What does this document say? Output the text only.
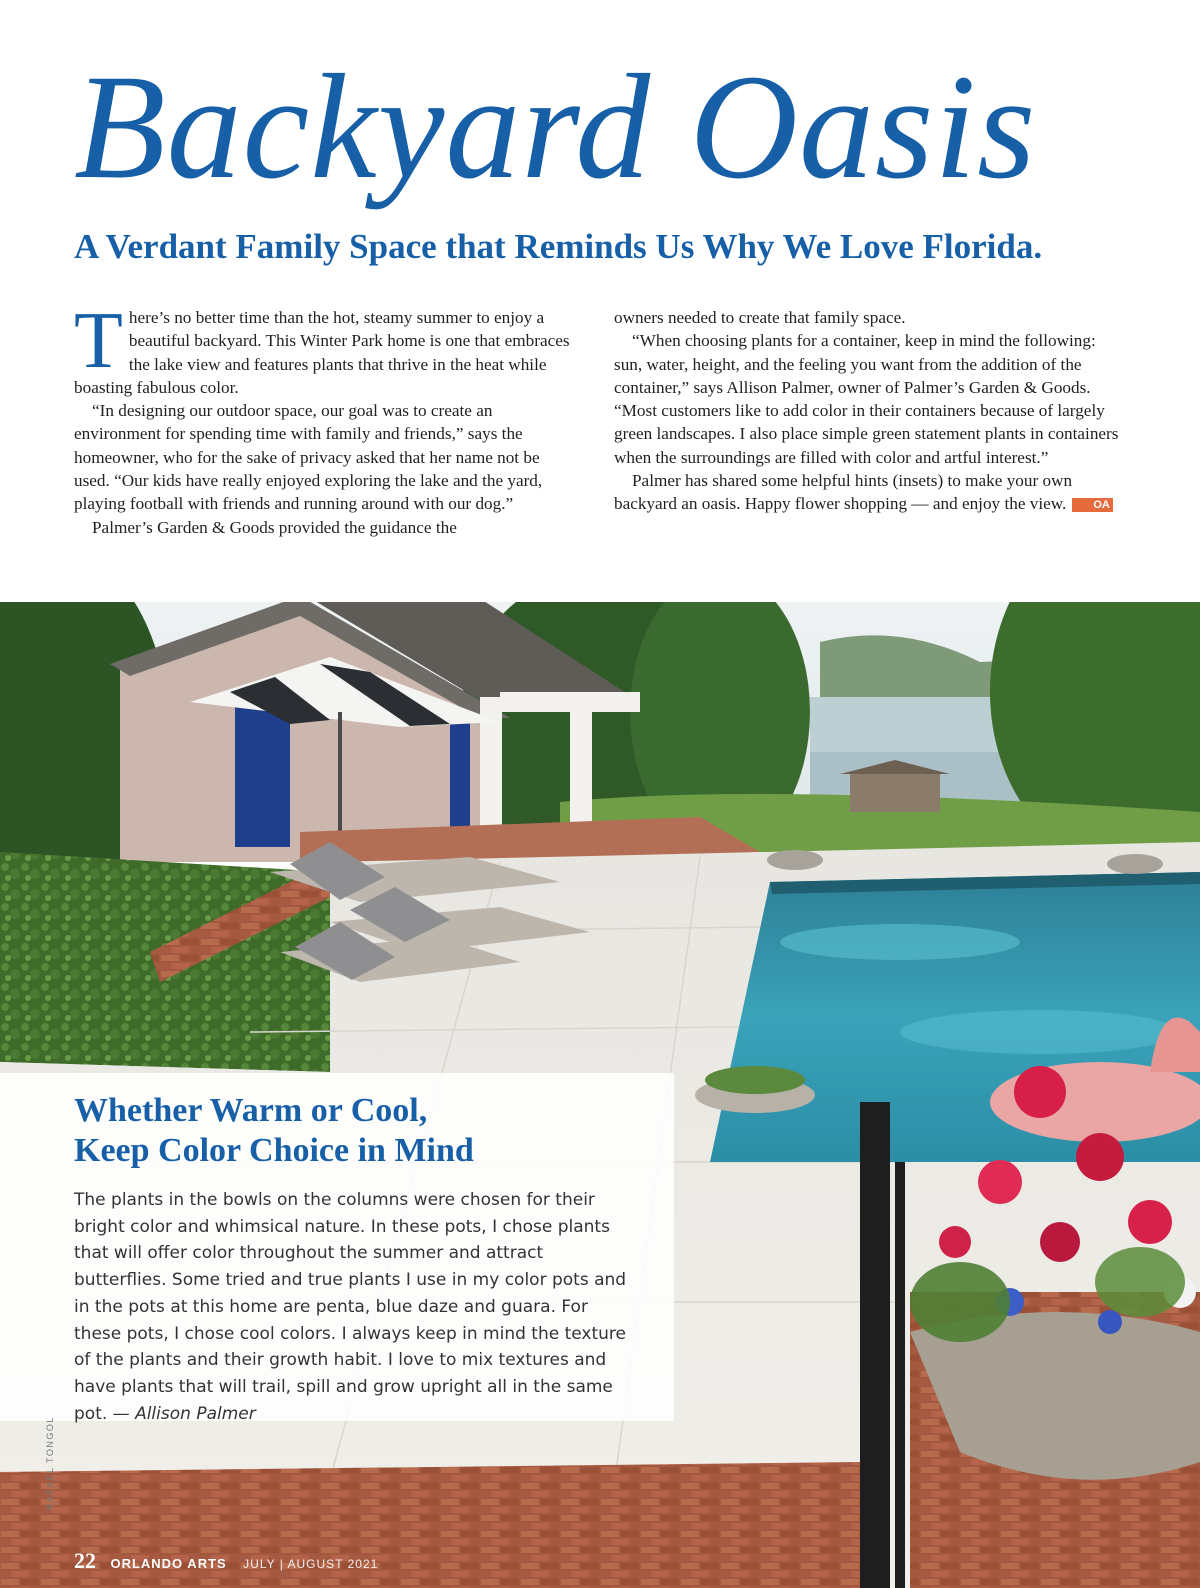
Backyard Oasis
A Verdant Family Space that Reminds Us Why We Love Florida.

There’s no better time than the hot, steamy summer to enjoy a beautiful backyard. This Winter Park home is one that embraces the lake view and features plants that thrive in the heat while boasting fabulous color.

“In designing our outdoor space, our goal was to create an environment for spending time with family and friends,” says the homeowner, who for the sake of privacy asked that her name not be used. “Our kids have really enjoyed exploring the lake and the yard, playing football with friends and running around with our dog.”

Palmer’s Garden & Goods provided the guidance the

owners needed to create that family space.

“When choosing plants for a container, keep in mind the following: sun, water, height, and the feeling you want from the addition of the container,” says Allison Palmer, owner of Palmer’s Garden & Goods. “Most customers like to add color in their containers because of largely green landscapes. I also place simple green statement plants in containers when the surroundings are filled with color and artful interest.”

Palmer has shared some helpful hints (insets) to make your own backyard an oasis. Happy flower shopping — and enjoy the view. OA

Whether Warm or Cool,
Keep Color Choice in Mind
The plants in the bowls on the columns were chosen for their bright color and whimsical nature. In these pots, I chose plants that will offer color throughout the summer and attract butterflies. Some tried and true plants I use in my color pots and in the pots at this home are penta, blue daze and guara. For these pots, I chose cool colors. I always keep in mind the texture of the plants and their growth habit. I love to mix textures and have plants that will trail, spill and grow upright all in the same pot. — Allison Palmer
RAFAEL TONGOL
22 ORLANDO ARTS JULY | AUGUST 2021
